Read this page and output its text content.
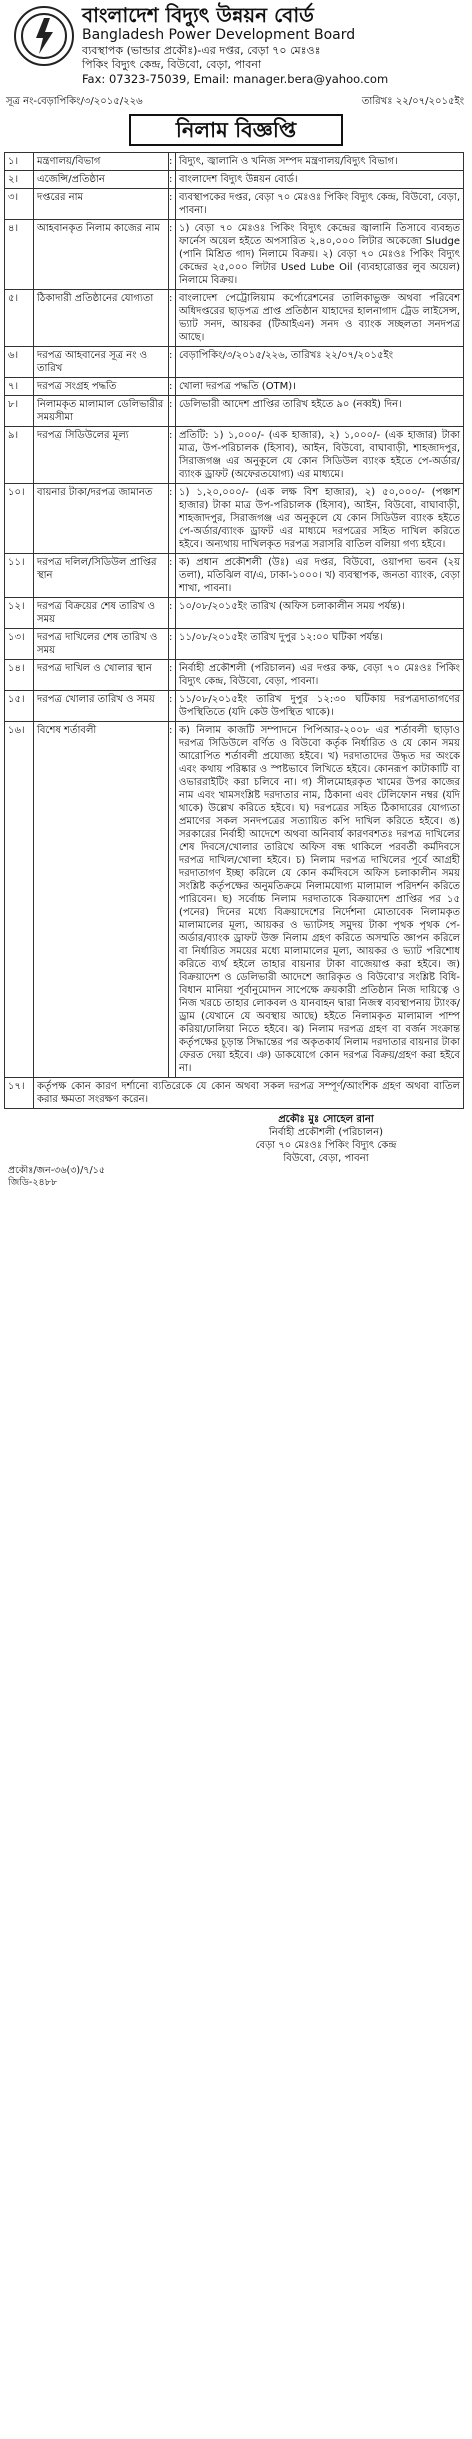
বাংলাদেশ বিদ্যুৎ উন্নয়ন বোর্ড
Bangladesh Power Development Board
ব্যবস্থাপক (ভান্ডার প্রকৌঃ)-এর দপ্তর, বেড়া ৭০ মেঃওঃ
পিকিং বিদ্যুৎ কেন্দ্র, বিউবো, বেড়া, পাবনা
Fax: 07323-75039, Email: manager.bera@yahoo.com
সূত্র নং-বেড়াপিকিং/৩/২০১৫/২২৬	তারিখঃ ২২/০৭/২০১৫ইং
নিলাম বিজ্ঞপ্তি
১।	মন্ত্রণালয়/বিভাগ	:	বিদ্যুৎ, জ্বালানি ও খনিজ সম্পদ মন্ত্রণালয়/বিদ্যুৎ বিভাগ।
২।	এজেন্সি/প্রতিষ্ঠান	:	বাংলাদেশ বিদ্যুৎ উন্নয়ন বোর্ড।
৩।	দপ্তরের নাম	:	ব্যবস্থাপকের দপ্তর, বেড়া ৭০ মেঃওঃ পিকিং বিদ্যুৎ কেন্দ্র, বিউবো, বেড়া, পাবনা।
৪।	আহবানকৃত নিলাম কাজের নাম	:	১) বেড়া ৭০ মেঃওঃ পিকিং বিদ্যুৎ কেন্দ্রের জ্বালানি তিসাবে ব্যবহৃত ফার্নেস অয়েল হইতে অপসারিত ২,৪০,০০০ লিটার অকেজো Sludge (পানি মিশ্রিত গাদ) নিলামে বিক্রয়। ২) বেড়া ৭০ মেঃওঃ পিকিং বিদ্যুৎ কেন্দ্রের ২৫,০০০ লিটার Used Lube Oil (ব্যবহারোত্তর লুব অয়েল) নিলামে বিক্রয়।
৫।	ঠিকাদারী প্রতিষ্ঠানের যোগ্যতা	:	বাংলাদেশ পেট্রোলিয়াম কর্পোরেশনের তালিকাভুক্ত অথবা পরিবেশ অধিদপ্তরের ছাড়পত্র প্রাপ্ত প্রতিষ্ঠান যাহাদের হালনাগাদ ট্রেড লাইসেন্স, ভ্যাট সনদ, আয়কর (টিআইএন) সনদ ও ব্যাংক সচ্ছলতা সনদপত্র আছে।
৬।	দরপত্র আহবানের সূত্র নং ও তারিখ	:	বেড়াপিকিং/৩/২০১৫/২২৬, তারিখঃ ২২/০৭/২০১৫ইং
৭।	দরপত্র সংগ্রহ পদ্ধতি	:	খোলা দরপত্র পদ্ধতি (OTM)।
৮।	নিলামকৃত মালামাল ডেলিভারীর সময়সীমা	:	ডেলিভারী আদেশ প্রাপ্তির তারিখ হইতে ৯০ (নব্বই) দিন।
৯।	দরপত্র সিডিউলের মূল্য	:	প্রতিটি: ১) ১,০০০/- (এক হাজার), ২) ১,০০০/- (এক হাজার) টাকা মাত্র, উপ-পরিচালক (হিসাব), আইন, বিউবো, বাঘাবাড়ী, শাহজাদপুর, সিরাজগঞ্জ এর অনুকূলে যে কোন সিডিউল ব্যাংক হইতে পে-অর্ডার/ব্যাংক ড্রাফট (অফেরতযোগ্য) এর মাধ্যমে।
১০।	বায়নার টাকা/দরপত্র জামানত	:	১) ১,২০,০০০/- (এক লক্ষ বিশ হাজার), ২) ৫০,০০০/- (পঞ্চাশ হাজার) টাকা মাত্র উপ-পরিচালক (হিসাব), আইন, বিউবো, বাঘাবাড়ী, শাহজাদপুর, সিরাজগঞ্জ এর অনুকূলে যে কোন সিডিউল ব্যাংক হইতে পে-অর্ডার/ব্যাংক ড্রাফট এর মাধ্যমে দরপত্রের সহিত দাখিল করিতে হইবে। অন্যথায় দাখিলকৃত দরপত্র সরাসরি বাতিল বলিয়া গণ্য হইবে।
১১।	দরপত্র দলিল/সিডিউল প্রাপ্তির স্থান	:	ক) প্রধান প্রকৌশলী (উঃ) এর দপ্তর, বিউবো, ওয়াপদা ভবন (২য় তলা), মতিঝিল বা/এ, ঢাকা-১০০০। খ) ব্যবস্থাপক, জনতা ব্যাংক, বেড়া শাখা, পাবনা।
১২।	দরপত্র বিক্রয়ের শেষ তারিখ ও সময়	:	১০/০৮/২০১৫ইং তারিখ (অফিস চলাকালীন সময় পর্যন্ত)।
১৩।	দরপত্র দাখিলের শেষ তারিখ ও সময়	:	১১/০৮/২০১৫ইং তারিখ দুপুর ১২:০০ ঘটিকা পর্যন্ত।
১৪।	দরপত্র দাখিল ও খোলার স্থান	:	নির্বাহী প্রকৌশলী (পরিচালন) এর দপ্তর কক্ষ, বেড়া ৭০ মেঃওঃ পিকিং বিদ্যুৎ কেন্দ্র, বিউবো, বেড়া, পাবনা।
১৫।	দরপত্র খোলার তারিখ ও সময়	:	১১/০৮/২০১৫ইং তারিখ দুপুর ১২:৩০ ঘটিকায় দরপত্রদাতাগণের উপস্থিতিতে (যদি কেউ উপস্থিত থাকে)।
১৬।	বিশেষ শর্তাবলী	:	ক) নিলাম কাজটি সম্পাদনে পিপিআর-২০০৮ এর শর্তাবলী ছাড়াও দরপত্র সিডিউলে বর্ণিত ও বিউবো কর্তৃক নির্ধারিত ও যে কোন সময় আরোপিত শর্তাবলী প্রযোজ্য হইবে। খ) দরদাতাদের উদ্ধৃত দর অংকে এবং কথায় পরিষ্কার ও স্পষ্টভাবে লিখিতে হইবে। কোনরূপ কাটাকাটি বা ওভাররাইটিং করা চলিবে না। গ) সীলমোহরকৃত খামের উপর কাজের নাম এবং খামসংশ্লিষ্ট দরদাতার নাম, ঠিকানা এবং টেলিফোন নম্বর (যদি থাকে) উল্লেখ করিতে হইবে। ঘ) দরপত্রের সহিত ঠিকাদারের যোগ্যতা প্রমাণের সকল সনদপত্রের সত্যায়িত কপি দাখিল করিতে হইবে। ঙ) সরকারের নির্বাহী আদেশে অথবা অনিবার্য কারণবশতঃ দরপত্র দাখিলের শেষ দিবসে/খোলার তারিখে অফিস বন্ধ থাকিলে পরবর্তী কর্মদিবসে দরপত্র দাখিল/খোলা হইবে। চ) নিলাম দরপত্র দাখিলের পূর্বে আগ্রহী দরদাতাগণ ইচ্ছা করিলে যে কোন কর্মদিবসে অফিস চলাকালীন সময় সংশ্লিষ্ট কর্তৃপক্ষের অনুমতিক্রমে নিলামযোগ্য মালামাল পরিদর্শন করিতে পারিবেন। ছ) সর্বোচ্চ নিলাম দরদাতাকে বিক্রয়াদেশ প্রাপ্তির পর ১৫ (পনের) দিনের মধ্যে বিক্রয়াদেশের নির্দেশনা মোতাবেক নিলামকৃত মালামালের মূল্য, আয়কর ও ভ্যাটসহ সমুদয় টাকা পৃথক পৃথক পে-অর্ডার/ব্যাংক ড্রাফট উক্ত নিলাম গ্রহণ করিতে অসম্মতি জ্ঞাপন করিলে বা নির্ধারিত সময়ের মধ্যে মালামালের মূল্য, আয়কর ও ভ্যাট পরিশোধ করিতে ব্যর্থ হইলে তাহার বায়নার টাকা বাজেয়াপ্ত করা হইবে। জ) বিক্রয়াদেশ ও ডেলিভারী আদেশে জারিকৃত ও বিউবো'র সংশ্লিষ্ট বিধি-বিধান মানিয়া পূর্বানুমোদন সাপেক্ষে ক্রয়কারী প্রতিষ্ঠান নিজ দায়িত্বে ও নিজ খরচে তাহার লোকবল ও যানবাহন দ্বারা নিজস্ব ব্যবস্থাপনায় ট্যাংক/ড্রাম (যেখানে যে অবস্থায় আছে) হইতে নিলামকৃত মালামাল পাম্প করিয়া/ঢালিয়া নিতে হইবে। ঝ) নিলাম দরপত্র গ্রহণ বা বর্জন সংক্রান্ত কর্তৃপক্ষের চূড়ান্ত সিদ্ধান্তের পর অকৃতকার্য নিলাম দরদাতার বায়নার টাকা ফেরত দেয়া হইবে। ঞ) ডাকযোগে কোন দরপত্র বিক্রয়/গ্রহণ করা হইবে না।
১৭।	কর্তৃপক্ষ কোন কারণ দর্শানো ব্যতিরেকে যে কোন অথবা সকল দরপত্র সম্পূর্ণ/আংশিক গ্রহণ অথবা বাতিল করার ক্ষমতা সংরক্ষণ করেন।		
প্রকৌঃ মুঃ সোহেল রানা
নির্বাহী প্রকৌশলী (পরিচালন)
বেড়া ৭০ মেঃওঃ পিকিং বিদ্যুৎ কেন্দ্র
বিউবো, বেড়া, পাবনা
প্রকৌঃ/জন-৩৬(৩)/৭/১৫
জিডি-২৪৮৮
